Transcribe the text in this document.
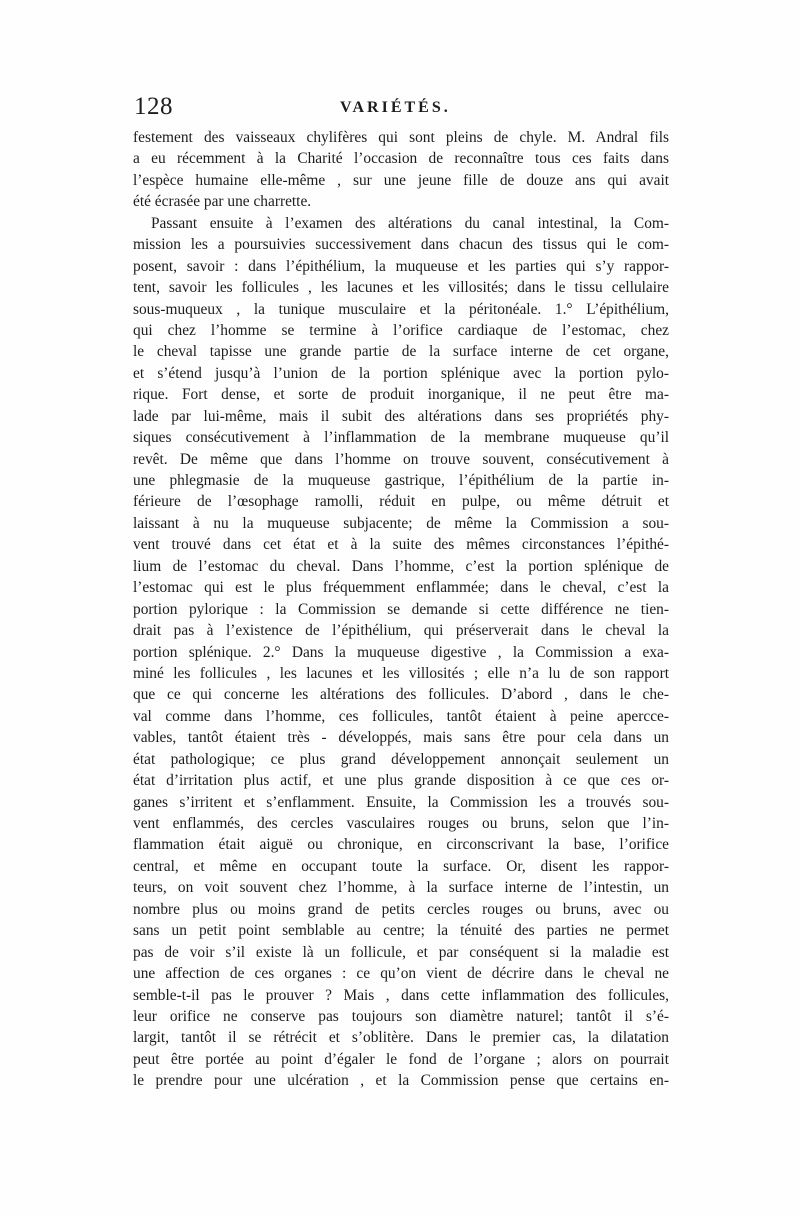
128	VARIÉTÉS.
festement des vaisseaux chylifères qui sont pleins de chyle. M. Andral fils
a eu récemment à la Charité l’occasion de reconnaître tous ces faits dans
l’espèce humaine elle-même , sur une jeune fille de douze ans qui avait
été écrasée par une charrette.
Passant ensuite à l’examen des altérations du canal intestinal, la Com-
mission les a poursuivies successivement dans chacun des tissus qui le com-
posent, savoir : dans l’épithélium, la muqueuse et les parties qui s’y rappor-
tent, savoir les follicules , les lacunes et les villosités; dans le tissu cellulaire
sous-muqueux , la tunique musculaire et la péritonéale. 1.° L’épithélium,
qui chez l’homme se termine à l’orifice cardiaque de l’estomac, chez
le cheval tapisse une grande partie de la surface interne de cet organe,
et s’étend jusqu’à l’union de la portion splénique avec la portion pylo-
rique. Fort dense, et sorte de produit inorganique, il ne peut être ma-
lade par lui-même, mais il subit des altérations dans ses propriétés phy-
siques consécutivement à l’inflammation de la membrane muqueuse qu’il
revêt. De même que dans l’homme on trouve souvent, consécutivement à
une phlegmasie de la muqueuse gastrique, l’épithélium de la partie in-
férieure de l’œsophage ramolli, réduit en pulpe, ou même détruit et
laissant à nu la muqueuse subjacente; de même la Commission a sou-
vent trouvé dans cet état et à la suite des mêmes circonstances l’épithé-
lium de l’estomac du cheval. Dans l’homme, c’est la portion splénique de
l’estomac qui est le plus fréquemment enflammée; dans le cheval, c’est la
portion pylorique : la Commission se demande si cette différence ne tien-
drait pas à l’existence de l’épithélium, qui préserverait dans le cheval la
portion splénique. 2.° Dans la muqueuse digestive , la Commission a exa-
miné les follicules , les lacunes et les villosités ; elle n’a lu de son rapport
que ce qui concerne les altérations des follicules. D’abord , dans le che-
val comme dans l’homme, ces follicules, tantôt étaient à peine apercce-
vables, tantôt étaient très - développés, mais sans être pour cela dans un
état pathologique; ce plus grand développement annonçait seulement un
état d’irritation plus actif, et une plus grande disposition à ce que ces or-
ganes s’irritent et s’enflamment. Ensuite, la Commission les a trouvés sou-
vent enflammés, des cercles vasculaires rouges ou bruns, selon que l’in-
flammation était aiguë ou chronique, en circonscrivant la base, l’orifice
central, et même en occupant toute la surface. Or, disent les rappor-
teurs, on voit souvent chez l’homme, à la surface interne de l’intestin, un
nombre plus ou moins grand de petits cercles rouges ou bruns, avec ou
sans un petit point semblable au centre; la ténuité des parties ne permet
pas de voir s’il existe là un follicule, et par conséquent si la maladie est
une affection de ces organes : ce qu’on vient de décrire dans le cheval ne
semble-t-il pas le prouver ? Mais , dans cette inflammation des follicules,
leur orifice ne conserve pas toujours son diamètre naturel; tantôt il s’é-
largit, tantôt il se rétrécit et s’oblitère. Dans le premier cas, la dilatation
peut être portée au point d’égaler le fond de l’organe ; alors on pourrait
le prendre pour une ulcération , et la Commission pense que certains en-
